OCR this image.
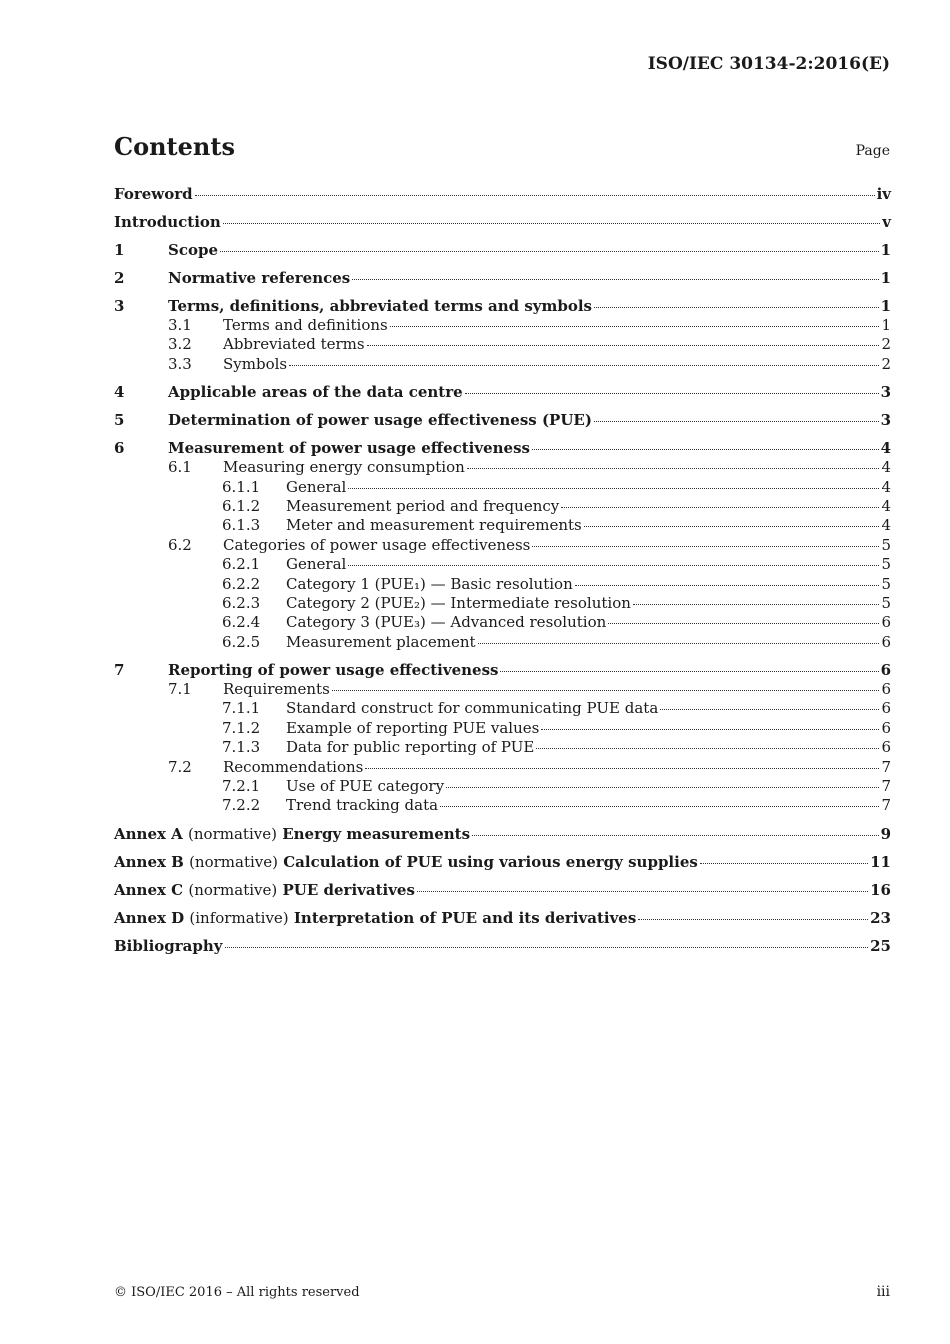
ISO/IEC 30134-2:2016(E)
Contents	Page
Foreword	iv
Introduction	v
1	Scope	1
2	Normative references	1
3	Terms, definitions, abbreviated terms and symbols	1
3.1	Terms and definitions	1
3.2	Abbreviated terms	2
3.3	Symbols	2
4	Applicable areas of the data centre	3
5	Determination of power usage effectiveness (PUE)	3
6	Measurement of power usage effectiveness	4
6.1	Measuring energy consumption	4
6.1.1	General	4
6.1.2	Measurement period and frequency	4
6.1.3	Meter and measurement requirements	4
6.2	Categories of power usage effectiveness	5
6.2.1	General	5
6.2.2	Category 1 (PUE₁) — Basic resolution	5
6.2.3	Category 2 (PUE₂) — Intermediate resolution	5
6.2.4	Category 3 (PUE₃) — Advanced resolution	6
6.2.5	Measurement placement	6
7	Reporting of power usage effectiveness	6
7.1	Requirements	6
7.1.1	Standard construct for communicating PUE data	6
7.1.2	Example of reporting PUE values	6
7.1.3	Data for public reporting of PUE	6
7.2	Recommendations	7
7.2.1	Use of PUE category	7
7.2.2	Trend tracking data	7
Annex A (normative) Energy measurements	9
Annex B (normative) Calculation of PUE using various energy supplies	11
Annex C (normative) PUE derivatives	16
Annex D (informative) Interpretation of PUE and its derivatives	23
Bibliography	25
© ISO/IEC 2016 – All rights reserved	iii
